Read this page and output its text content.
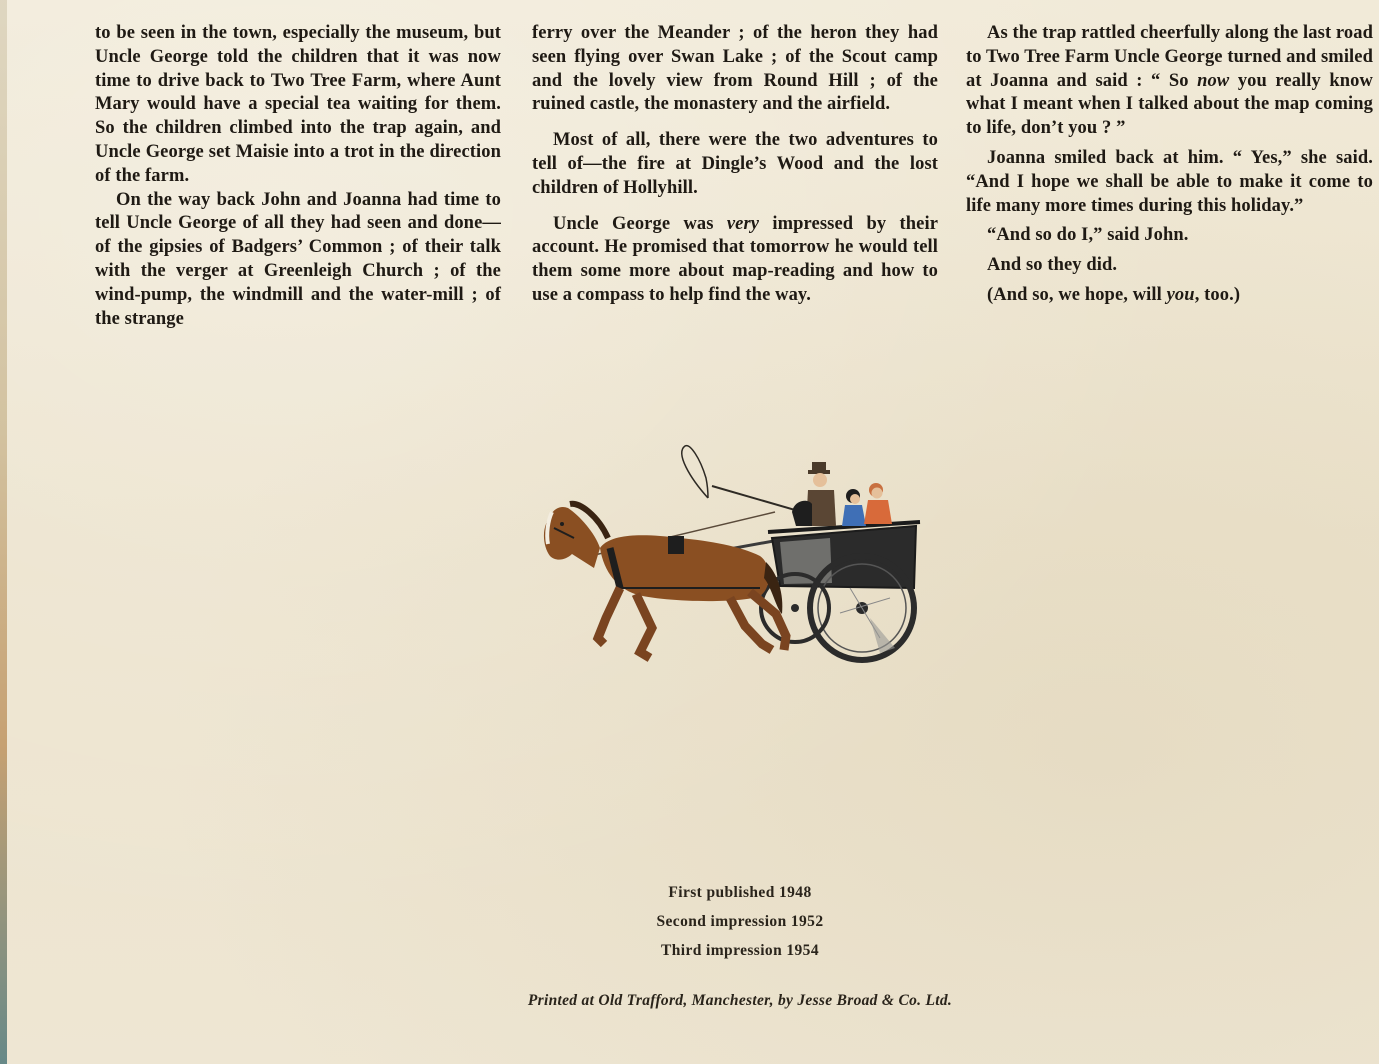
to be seen in the town, especially the museum, but Uncle George told the children that it was now time to drive back to Two Tree Farm, where Aunt Mary would have a special tea waiting for them. So the children climbed into the trap again, and Uncle George set Maisie into a trot in the direction of the farm.

On the way back John and Joanna had time to tell Uncle George of all they had seen and done—of the gipsies of Badgers’ Common ; of their talk with the verger at Greenleigh Church ; of the wind-pump, the windmill and the water-mill ; of the strange

ferry over the Meander ; of the heron they had seen flying over Swan Lake ; of the Scout camp and the lovely view from Round Hill ; of the ruined castle, the monastery and the airfield.

Most of all, there were the two adventures to tell of—the fire at Dingle’s Wood and the lost children of Hollyhill.

Uncle George was very impressed by their account. He promised that tomorrow he would tell them some more about map-reading and how to use a compass to help find the way.

As the trap rattled cheerfully along the last road to Two Tree Farm Uncle George turned and smiled at Joanna and said : “ So now you really know what I meant when I talked about the map coming to life, don’t you ? ”

Joanna smiled back at him. “ Yes,” she said. “And I hope we shall be able to make it come to life many more times during this holiday.”

“And so do I,” said John.

And so they did.

(And so, we hope, will you, too.)

First published 1948
Second impression 1952
Third impression 1954
Printed at Old Trafford, Manchester, by Jesse Broad & Co. Ltd.
